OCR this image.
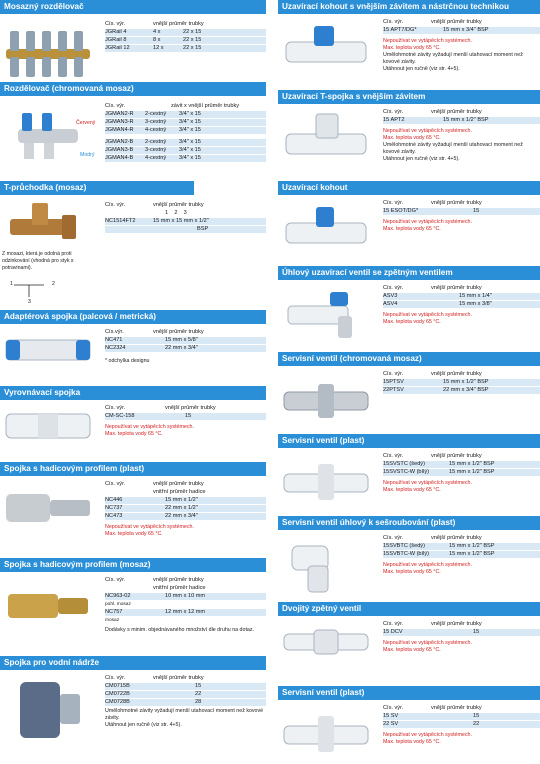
Mosazný rozdělovač
Čís. výr.	vnější průměr trubky
JGRail 4	4 x	22 x 15
JGRail 8	8 x	22 x 15
JGRail 12	12 x	22 x 15
Rozdělovač (chromovaná mosaz)
Červený
Modrý
Čís. výr.	závit x vnější průměr trubky
JGMAN2-R	2-cestný	3/4" x 15
JGMAN3-R	3-cestný	3/4" x 15
JGMAN4-R	4-cestný	3/4" x 15
JGMAN2-B	2-cestný	3/4" x 15
JGMAN3-B	3-cestný	3/4" x 15
JGMAN4-B	4-cestný	3/4" x 15
T-průchodka (mosaz)
Z mosazi, která je odolná proti odzinkování (vhodná pro styk s potravinami).
1	2
3
Čís. výr.	vnější průměr trubky
1    2    3
NC1514FT2	15 mm x 15 mm x 1/2"
BSP
Adaptérová spojka (palcová / metrická)
Čís.výr.	vnější průměr trubky
NC471	15 mm x 5/8"
NC2324	22 mm x 3/4"
* odchylka designu
Vyrovnávací spojka
Čís. výr.	vnější průměr trubky
CM-SC-158	15
Nepoužívat ve vytápěcích systémech.
Max. teplota vody 65 °C.
Spojka s hadicovým profilem (plast)
Čís. výr.	vnější průměr trubky
vnitřní průměr hadice
NC446	15 mm x 1/2"
NC737	22 mm x 1/2"
NC473	22 mm x 3/4"
Nepoužívat ve vytápěcích systémech.
Max. teplota vody 65 °C.
Spojka s hadicovým profilem (mosaz)
Čís. výr.	vnější průměr trubky
vnitřní průměr hadice
NC963-02	10 mm x 10 mm
pohl. mosaz
NC757	12 mm x 12 mm
mosaz
Dodávky s minim. objednávaného množství dle druhu na dotaz.
Spojka pro vodní nádrže
Čís. výr.	vnější průměr trubky
CM0715B	15
CM0722B	22
CM0728B	28
Umělohmotné závity vyžadují menší utahovací moment než kovové závity.
Utáhnout jen ručně (viz str. 4+5).
Uzavírací kohout s vnějším závitem a nástrčnou technikou
Čís. výr.	vnější průměr trubky
15 APT7/DG*	15 mm x 3/4" BSP
Nepoužívat ve vytápěcích systémech.
Max. teplota vody 65 °C.
Umělohmotné závity vyžadují menší utahovací moment než kovové závity.
Utáhnout jen ručně (viz str. 4+5).
Uzavírací T-spojka s vnějším závitem
Čís. výr.	vnější průměr trubky
15 APT2	15 mm x 1/2" BSP
Nepoužívat ve vytápěcích systémech.
Max. teplota vody 65 °C.
Umělohmotné závity vyžadují menší utahovací moment než kovové závity.
Utáhnout jen ručně (viz str. 4+5).
Uzavírací kohout
Čís. výr.	vnější průměr trubky
15 ESOT/DG*	15
Nepoužívat ve vytápěcích systémech.
Max. teplota vody 65 °C.
Úhlový uzavírací ventil se zpětným ventilem
Čís. výr.	vnější průměr trubky
ASV3	15 mm x 1/4"
ASV4	15 mm x 3/8"
Nepoužívat ve vytápěcích systémech.
Max. teplota vody 65 °C.
Servisní ventil (chromovaná mosaz)
Čís. výr.	vnější průměr trubky
15PTSV	15 mm x 1/2" BSP
22PTSV	22 mm x 3/4" BSP
Servisní ventil (plast)
Čís. výr.	vnější průměr trubky
15SVSTC (šedý)	15 mm x 1/2" BSP
15SVSTC-W (bílý)	15 mm x 1/2" BSP
Nepoužívat ve vytápěcích systémech.
Max. teplota vody 65 °C.
Servisní ventil úhlový k sešroubování (plast)
Čís. výr.	vnější průměr trubky
15SVBTC (šedý)	15 mm x 1/2" BSP
15SVBTC-W (bílý)	15 mm x 1/2" BSP
Nepoužívat ve vytápěcích systémech.
Max. teplota vody 65 °C.
Dvojitý zpětný ventil
Čís. výr.	vnější průměr trubky
15 DCV	15
Nepoužívat ve vytápěcích systémech.
Max. teplota vody 65 °C.
Servisní ventil (plast)
Čís. výr.	vnější průměr trubky
15 SV	15
22 SV	22
Nepoužívat ve vytápěcích systémech.
Max. teplota vody 65 °C.
